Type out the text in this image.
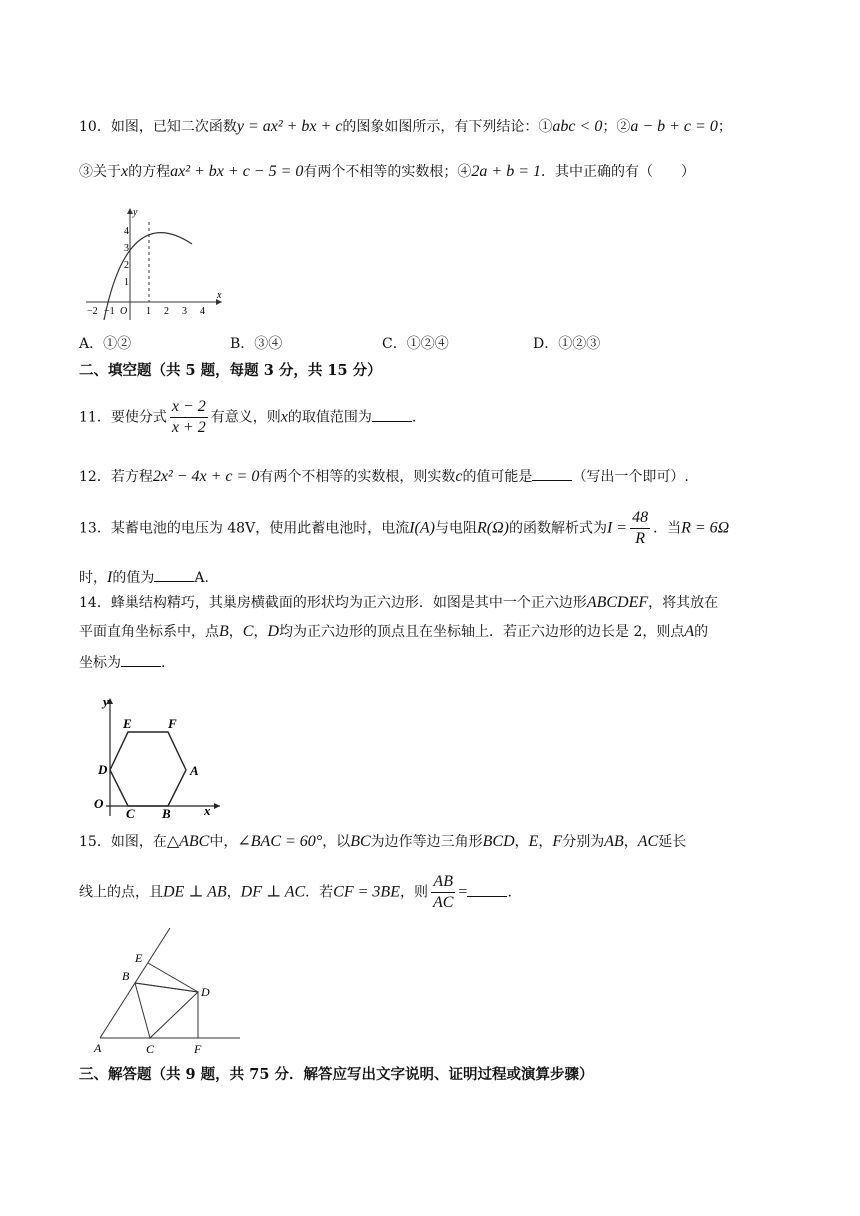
10．如图，已知二次函数y = ax² + bx + c的图象如图所示，有下列结论：①abc < 0；②a − b + c = 0；
③关于x的方程ax² + bx + c − 5 = 0有两个不相等的实数根；④2a + b = 1．其中正确的有（　　）
y
x
O
1
2
3
4
−2 −1	1 2 3 4
A．①②	B．③④	C．①②④	D．①②③
二、填空题（共 5 题，每题 3 分，共 15 分）
11．要使分式 $\frac{x - 2}{x + 2}$ 有意义，则x的取值范围为	.
12．若方程2x² − 4x + c = 0有两个不相等的实数根，则实数c的值可能是	（写出一个即可）.
13．某蓄电池的电压为 48V，使用此蓄电池时，电流I(A)与电阻R(Ω)的函数解析式为$I = \frac{48}{R}$ ．当R = 6Ω
时，I的值为	A.
14．蜂巢结构精巧，其巢房横截面的形状均为正六边形．如图是其中一个正六边形ABCDEF，将其放在
平面直角坐标系中，点B，C，D均为正六边形的顶点且在坐标轴上．若正六边形的边长是 2，则点A的
坐标为	.
y
x
O
A
B
C
D
E	F
15．如图，在△ABC中，∠BAC = 60°，以BC为边作等边三角形BCD，E，F分别为AB，AC延长
线上的点，且DE ⊥ AB，DF ⊥ AC．若CF = 3BE，则 $\frac{AB}{AC}$ =	.
A
B
C
D
E
F
三、解答题（共 9 题，共 75 分．解答应写出文字说明、证明过程或演算步骤）
